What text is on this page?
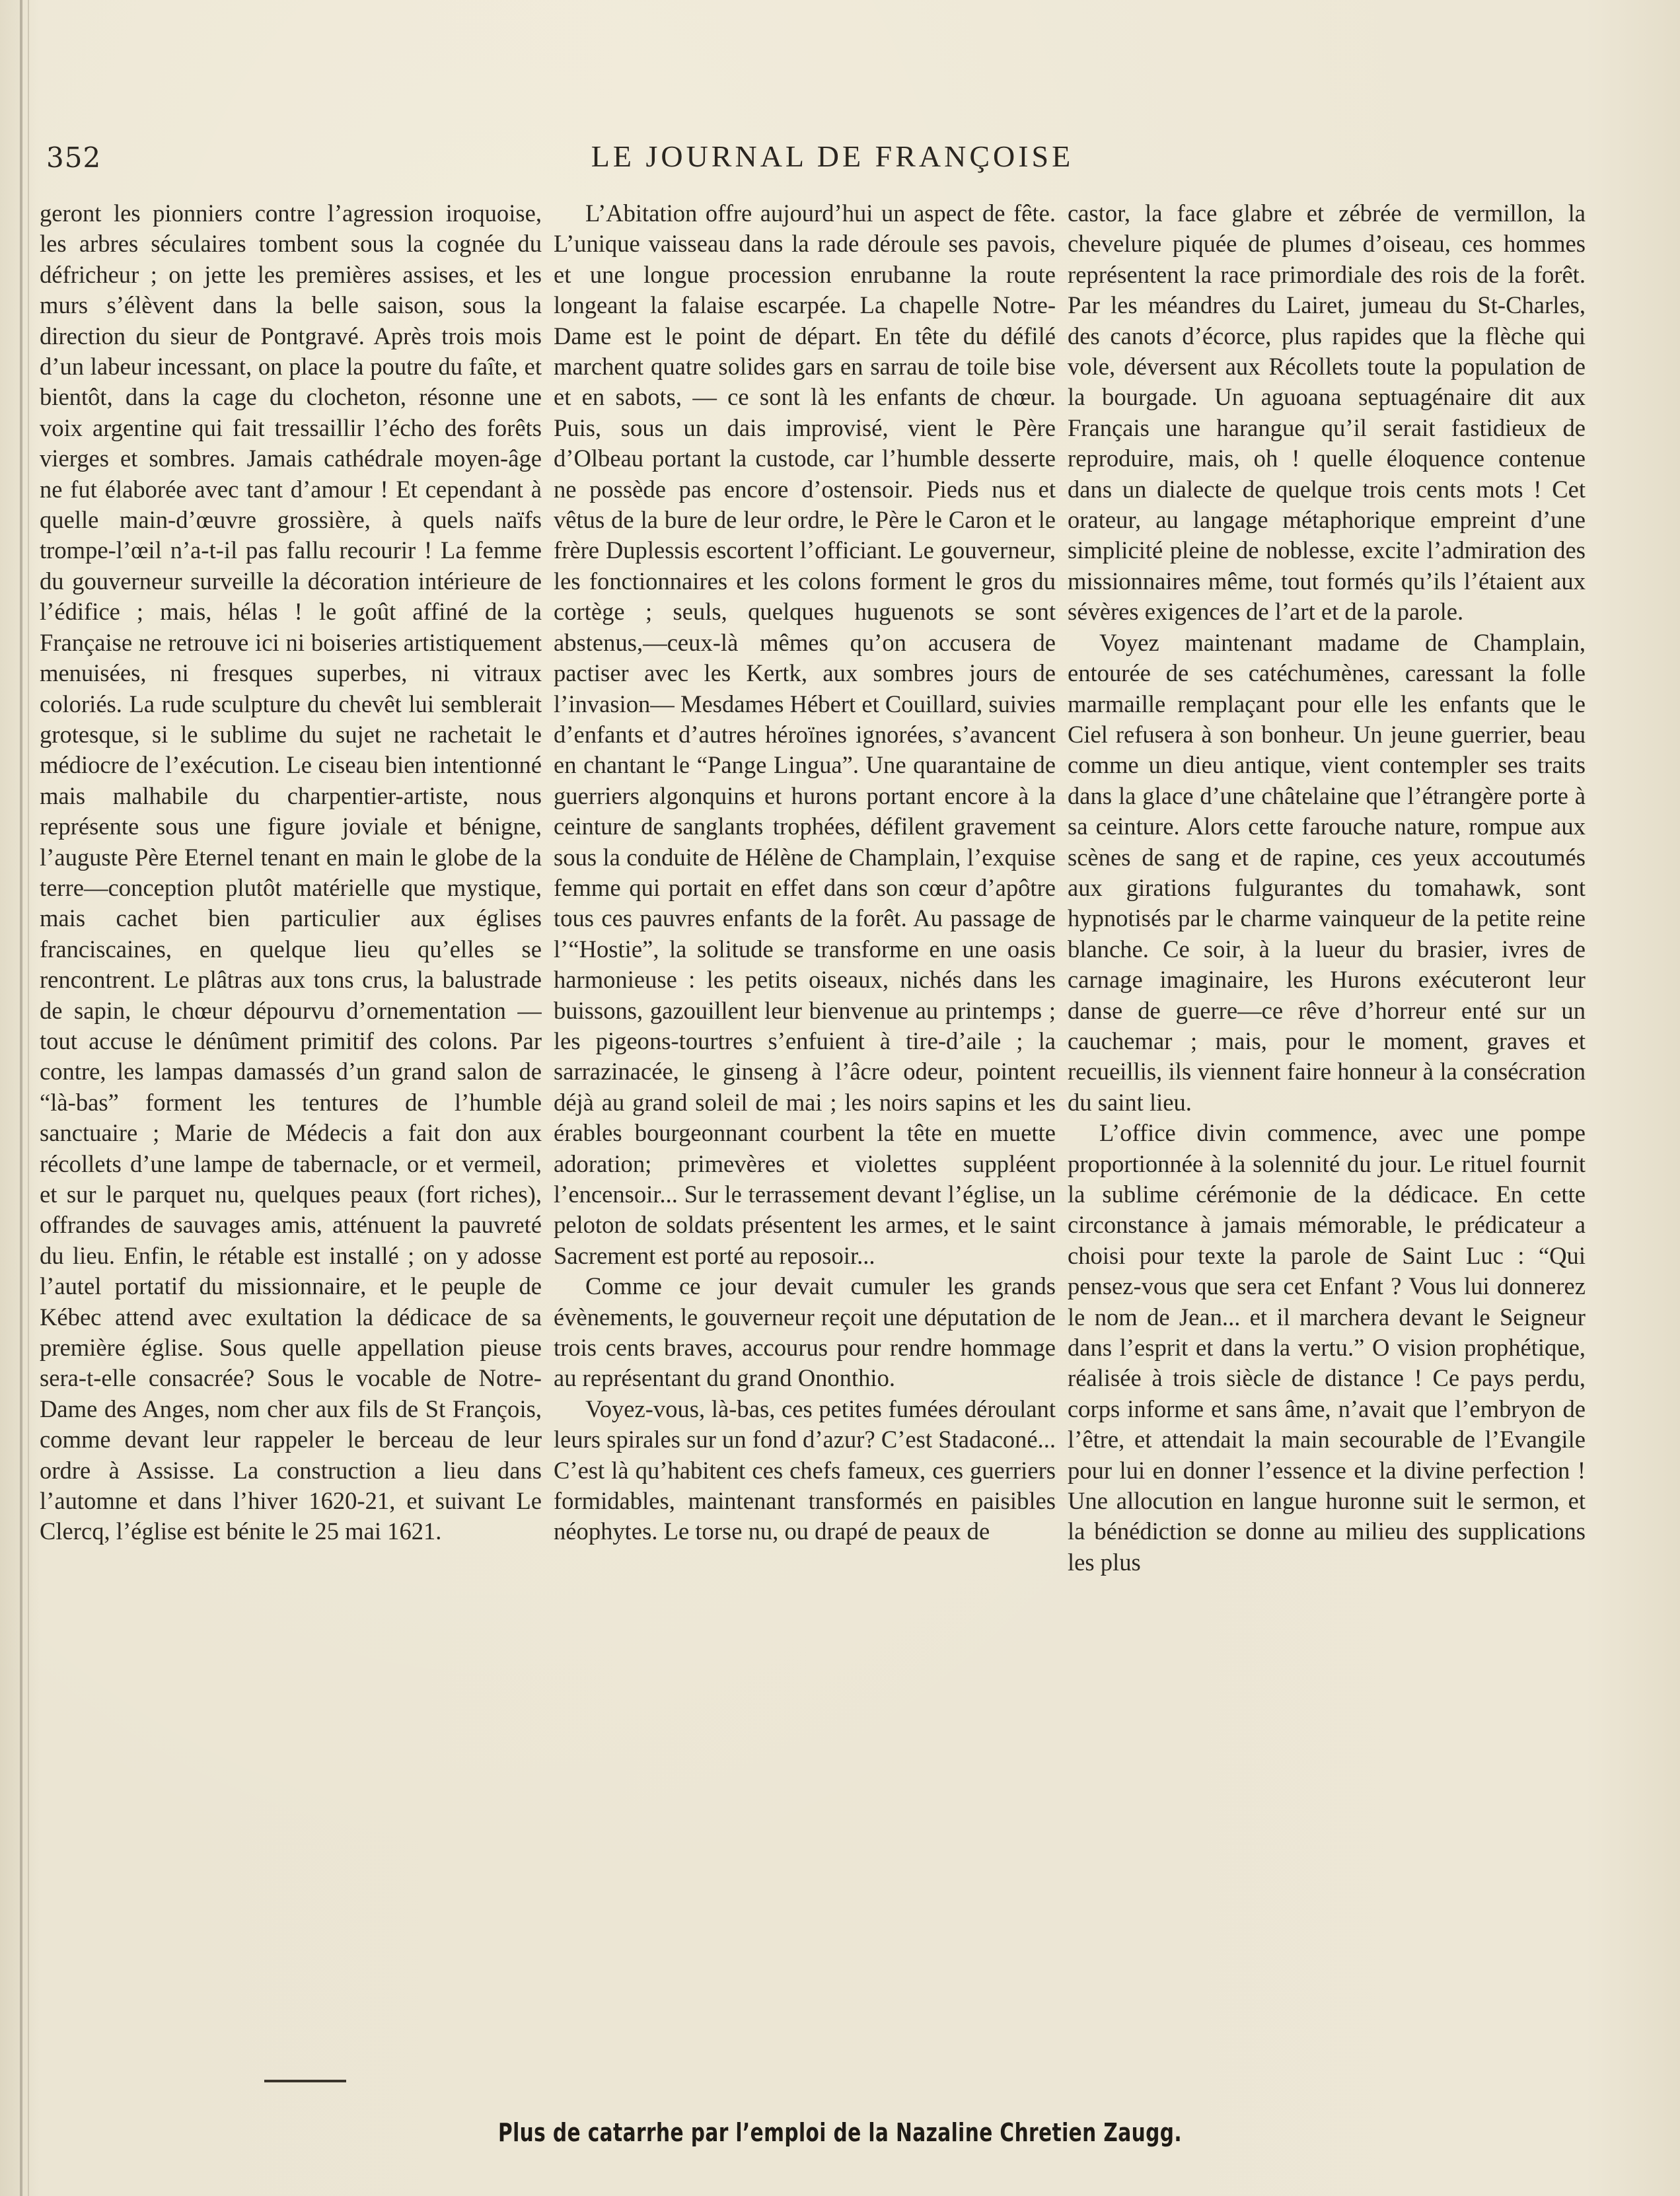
352	LE JOURNAL DE FRANÇOISE

geront les pionniers contre l’agression iroquoise, les arbres séculaires tombent sous la cognée du défricheur ; on jette les premières assises, et les murs s’élèvent dans la belle saison, sous la direction du sieur de Pontgravé. Après trois mois d’un labeur incessant, on place la poutre du faîte, et bientôt, dans la cage du clocheton, résonne une voix argentine qui fait tressaillir l’écho des forêts vierges et sombres. Jamais cathédrale moyen-âge ne fut élaborée avec tant d’amour ! Et cependant à quelle main-d’œuvre grossière, à quels naïfs trompe-l’œil n’a-t-il pas fallu recourir ! La femme du gouverneur surveille la décoration intérieure de l’édifice ; mais, hélas ! le goût affiné de la Française ne retrouve ici ni boiseries artistiquement menuisées, ni fresques superbes, ni vitraux coloriés. La rude sculpture du chevêt lui semblerait grotesque, si le sublime du sujet ne rachetait le médiocre de l’exécution. Le ciseau bien intentionné mais malhabile du charpentier-artiste, nous représente sous une figure joviale et bénigne, l’auguste Père Eternel tenant en main le globe de la terre—conception plutôt matérielle que mystique, mais cachet bien particulier aux églises franciscaines, en quelque lieu qu’elles se rencontrent. Le plâtras aux tons crus, la balustrade de sapin, le chœur dépourvu d’ornementation — tout accuse le dénûment primitif des colons. Par contre, les lampas damassés d’un grand salon de “là-bas” forment les tentures de l’humble sanctuaire ; Marie de Médecis a fait don aux récollets d’une lampe de tabernacle, or et vermeil, et sur le parquet nu, quelques peaux (fort riches), offrandes de sauvages amis, atténuent la pauvreté du lieu. Enfin, le rétable est installé ; on y adosse l’autel portatif du missionnaire, et le peuple de Kébec attend avec exultation la dédicace de sa première église. Sous quelle appellation pieuse sera-t-elle consacrée? Sous le vocable de Notre-Dame des Anges, nom cher aux fils de St François, comme devant leur rappeler le berceau de leur ordre à Assisse. La construction a lieu dans l’automne et dans l’hiver 1620-21, et suivant Le Clercq, l’église est bénite le 25 mai 1621.

L’Abitation offre aujourd’hui un aspect de fête. L’unique vaisseau dans la rade déroule ses pavois, et une longue procession enrubanne la route longeant la falaise escarpée. La chapelle Notre-Dame est le point de départ. En tête du défilé marchent quatre solides gars en sarrau de toile bise et en sabots, — ce sont là les enfants de chœur. Puis, sous un dais improvisé, vient le Père d’Olbeau portant la custode, car l’humble desserte ne possède pas encore d’ostensoir. Pieds nus et vêtus de la bure de leur ordre, le Père le Caron et le frère Duplessis escortent l’officiant. Le gouverneur, les fonctionnaires et les colons forment le gros du cortège ; seuls, quelques huguenots se sont abstenus,—ceux-là mêmes qu’on accusera de pactiser avec les Kertk, aux sombres jours de l’invasion— Mesdames Hébert et Couillard, suivies d’enfants et d’autres héroïnes ignorées, s’avancent en chantant le “Pange Lingua”. Une quarantaine de guerriers algonquins et hurons portant encore à la ceinture de sanglants trophées, défilent gravement sous la conduite de Hélène de Champlain, l’exquise femme qui portait en effet dans son cœur d’apôtre tous ces pauvres enfants de la forêt. Au passage de l’“Hostie”, la solitude se transforme en une oasis harmonieuse : les petits oiseaux, nichés dans les buissons, gazouillent leur bienvenue au printemps ; les pigeons-tourtres s’enfuient à tire-d’aile ; la sarrazinacée, le ginseng à l’âcre odeur, pointent déjà au grand soleil de mai ; les noirs sapins et les érables bourgeonnant courbent la tête en muette adoration; primevères et violettes suppléent l’encensoir... Sur le terrassement devant l’église, un peloton de soldats présentent les armes, et le saint Sacrement est porté au reposoir...

Comme ce jour devait cumuler les grands évènements, le gouverneur reçoit une députation de trois cents braves, accourus pour rendre hommage au représentant du grand Ononthio.

Voyez-vous, là-bas, ces petites fumées déroulant leurs spirales sur un fond d’azur? C’est Stadaconé... C’est là qu’habitent ces chefs fameux, ces guerriers formidables, maintenant transformés en paisibles néophytes. Le torse nu, ou drapé de peaux de

castor, la face glabre et zébrée de vermillon, la chevelure piquée de plumes d’oiseau, ces hommes représentent la race primordiale des rois de la forêt. Par les méandres du Lairet, jumeau du St-Charles, des canots d’écorce, plus rapides que la flèche qui vole, déversent aux Récollets toute la population de la bourgade. Un aguoana septuagénaire dit aux Français une harangue qu’il serait fastidieux de reproduire, mais, oh ! quelle éloquence contenue dans un dialecte de quelque trois cents mots ! Cet orateur, au langage métaphorique empreint d’une simplicité pleine de noblesse, excite l’admiration des missionnaires même, tout formés qu’ils l’étaient aux sévères exigences de l’art et de la parole.

Voyez maintenant madame de Champlain, entourée de ses catéchumènes, caressant la folle marmaille remplaçant pour elle les enfants que le Ciel refusera à son bonheur. Un jeune guerrier, beau comme un dieu antique, vient contempler ses traits dans la glace d’une châtelaine que l’étrangère porte à sa ceinture. Alors cette farouche nature, rompue aux scènes de sang et de rapine, ces yeux accoutumés aux girations fulgurantes du tomahawk, sont hypnotisés par le charme vainqueur de la petite reine blanche. Ce soir, à la lueur du brasier, ivres de carnage imaginaire, les Hurons exécuteront leur danse de guerre—ce rêve d’horreur enté sur un cauchemar ; mais, pour le moment, graves et recueillis, ils viennent faire honneur à la consécration du saint lieu.

L’office divin commence, avec une pompe proportionnée à la solennité du jour. Le rituel fournit la sublime cérémonie de la dédicace. En cette circonstance à jamais mémorable, le prédicateur a choisi pour texte la parole de Saint Luc : “Qui pensez-vous que sera cet Enfant ? Vous lui donnerez le nom de Jean... et il marchera devant le Seigneur dans l’esprit et dans la vertu.” O vision prophétique, réalisée à trois siècle de distance ! Ce pays perdu, corps informe et sans âme, n’avait que l’embryon de l’être, et attendait la main secourable de l’Evangile pour lui en donner l’essence et la divine perfection ! Une allocution en langue huronne suit le sermon, et la bénédiction se donne au milieu des supplications les plus

Plus de catarrhe par l’emploi de la Nazaline Chretien Zaugg.
